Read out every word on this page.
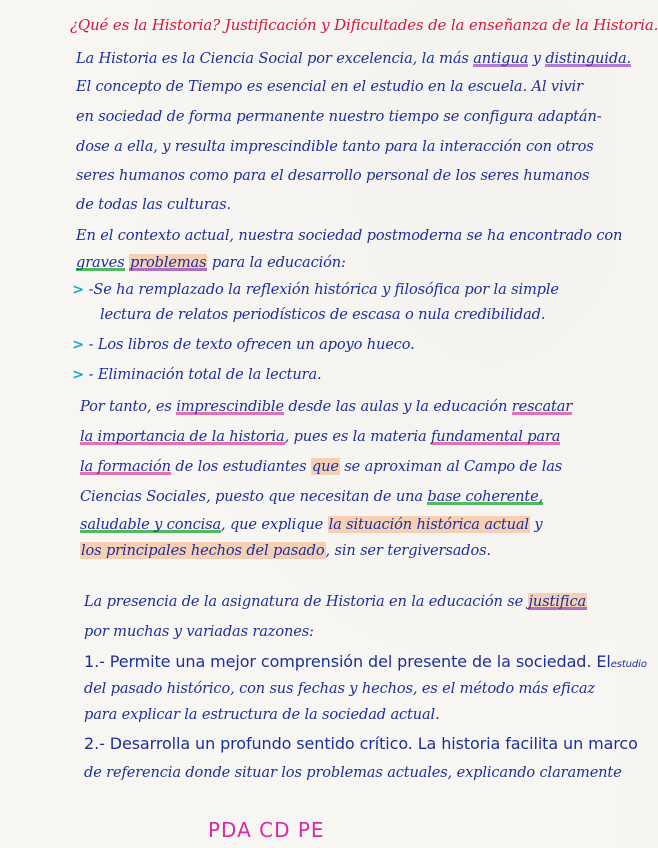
¿Qué es la Historia? Justificación y Dificultades de la enseñanza de la Historia.
La Historia es la Ciencia Social por excelencia, la más antigua y distinguida.
El concepto de Tiempo es esencial en el estudio en la escuela. Al vivir
en sociedad de forma permanente nuestro tiempo se configura adaptán-
dose a ella, y resulta imprescindible tanto para la interacción con otros
seres humanos como para el desarrollo personal de los seres humanos
de todas las culturas.
En el contexto actual, nuestra sociedad postmoderna se ha encontrado con
graves problemas para la educación:
> -Se ha remplazado la reflexión histórica y filosófica por la simple
lectura de relatos periodísticos de escasa o nula credibilidad.
> - Los libros de texto ofrecen un apoyo hueco.
> - Eliminación total de la lectura.
Por tanto, es imprescindible desde las aulas y la educación rescatar
la importancia de la historia, pues es la materia fundamental para
la formación de los estudiantes que se aproximan al Campo de las
Ciencias Sociales, puesto que necesitan de una base coherente,
saludable y concisa, que explique la situación histórica actual y
los principales hechos del pasado, sin ser tergiversados.
La presencia de la asignatura de Historia en la educación se justifica
por muchas y variadas razones:
1.- Permite una mejor comprensión del presente de la sociedad. Elestudio
del pasado histórico, con sus fechas y hechos, es el método más eficaz
para explicar la estructura de la sociedad actual.
2.- Desarrolla un profundo sentido crítico. La historia facilita un marco
de referencia donde situar los problemas actuales, explicando claramente
PDA CD PE
